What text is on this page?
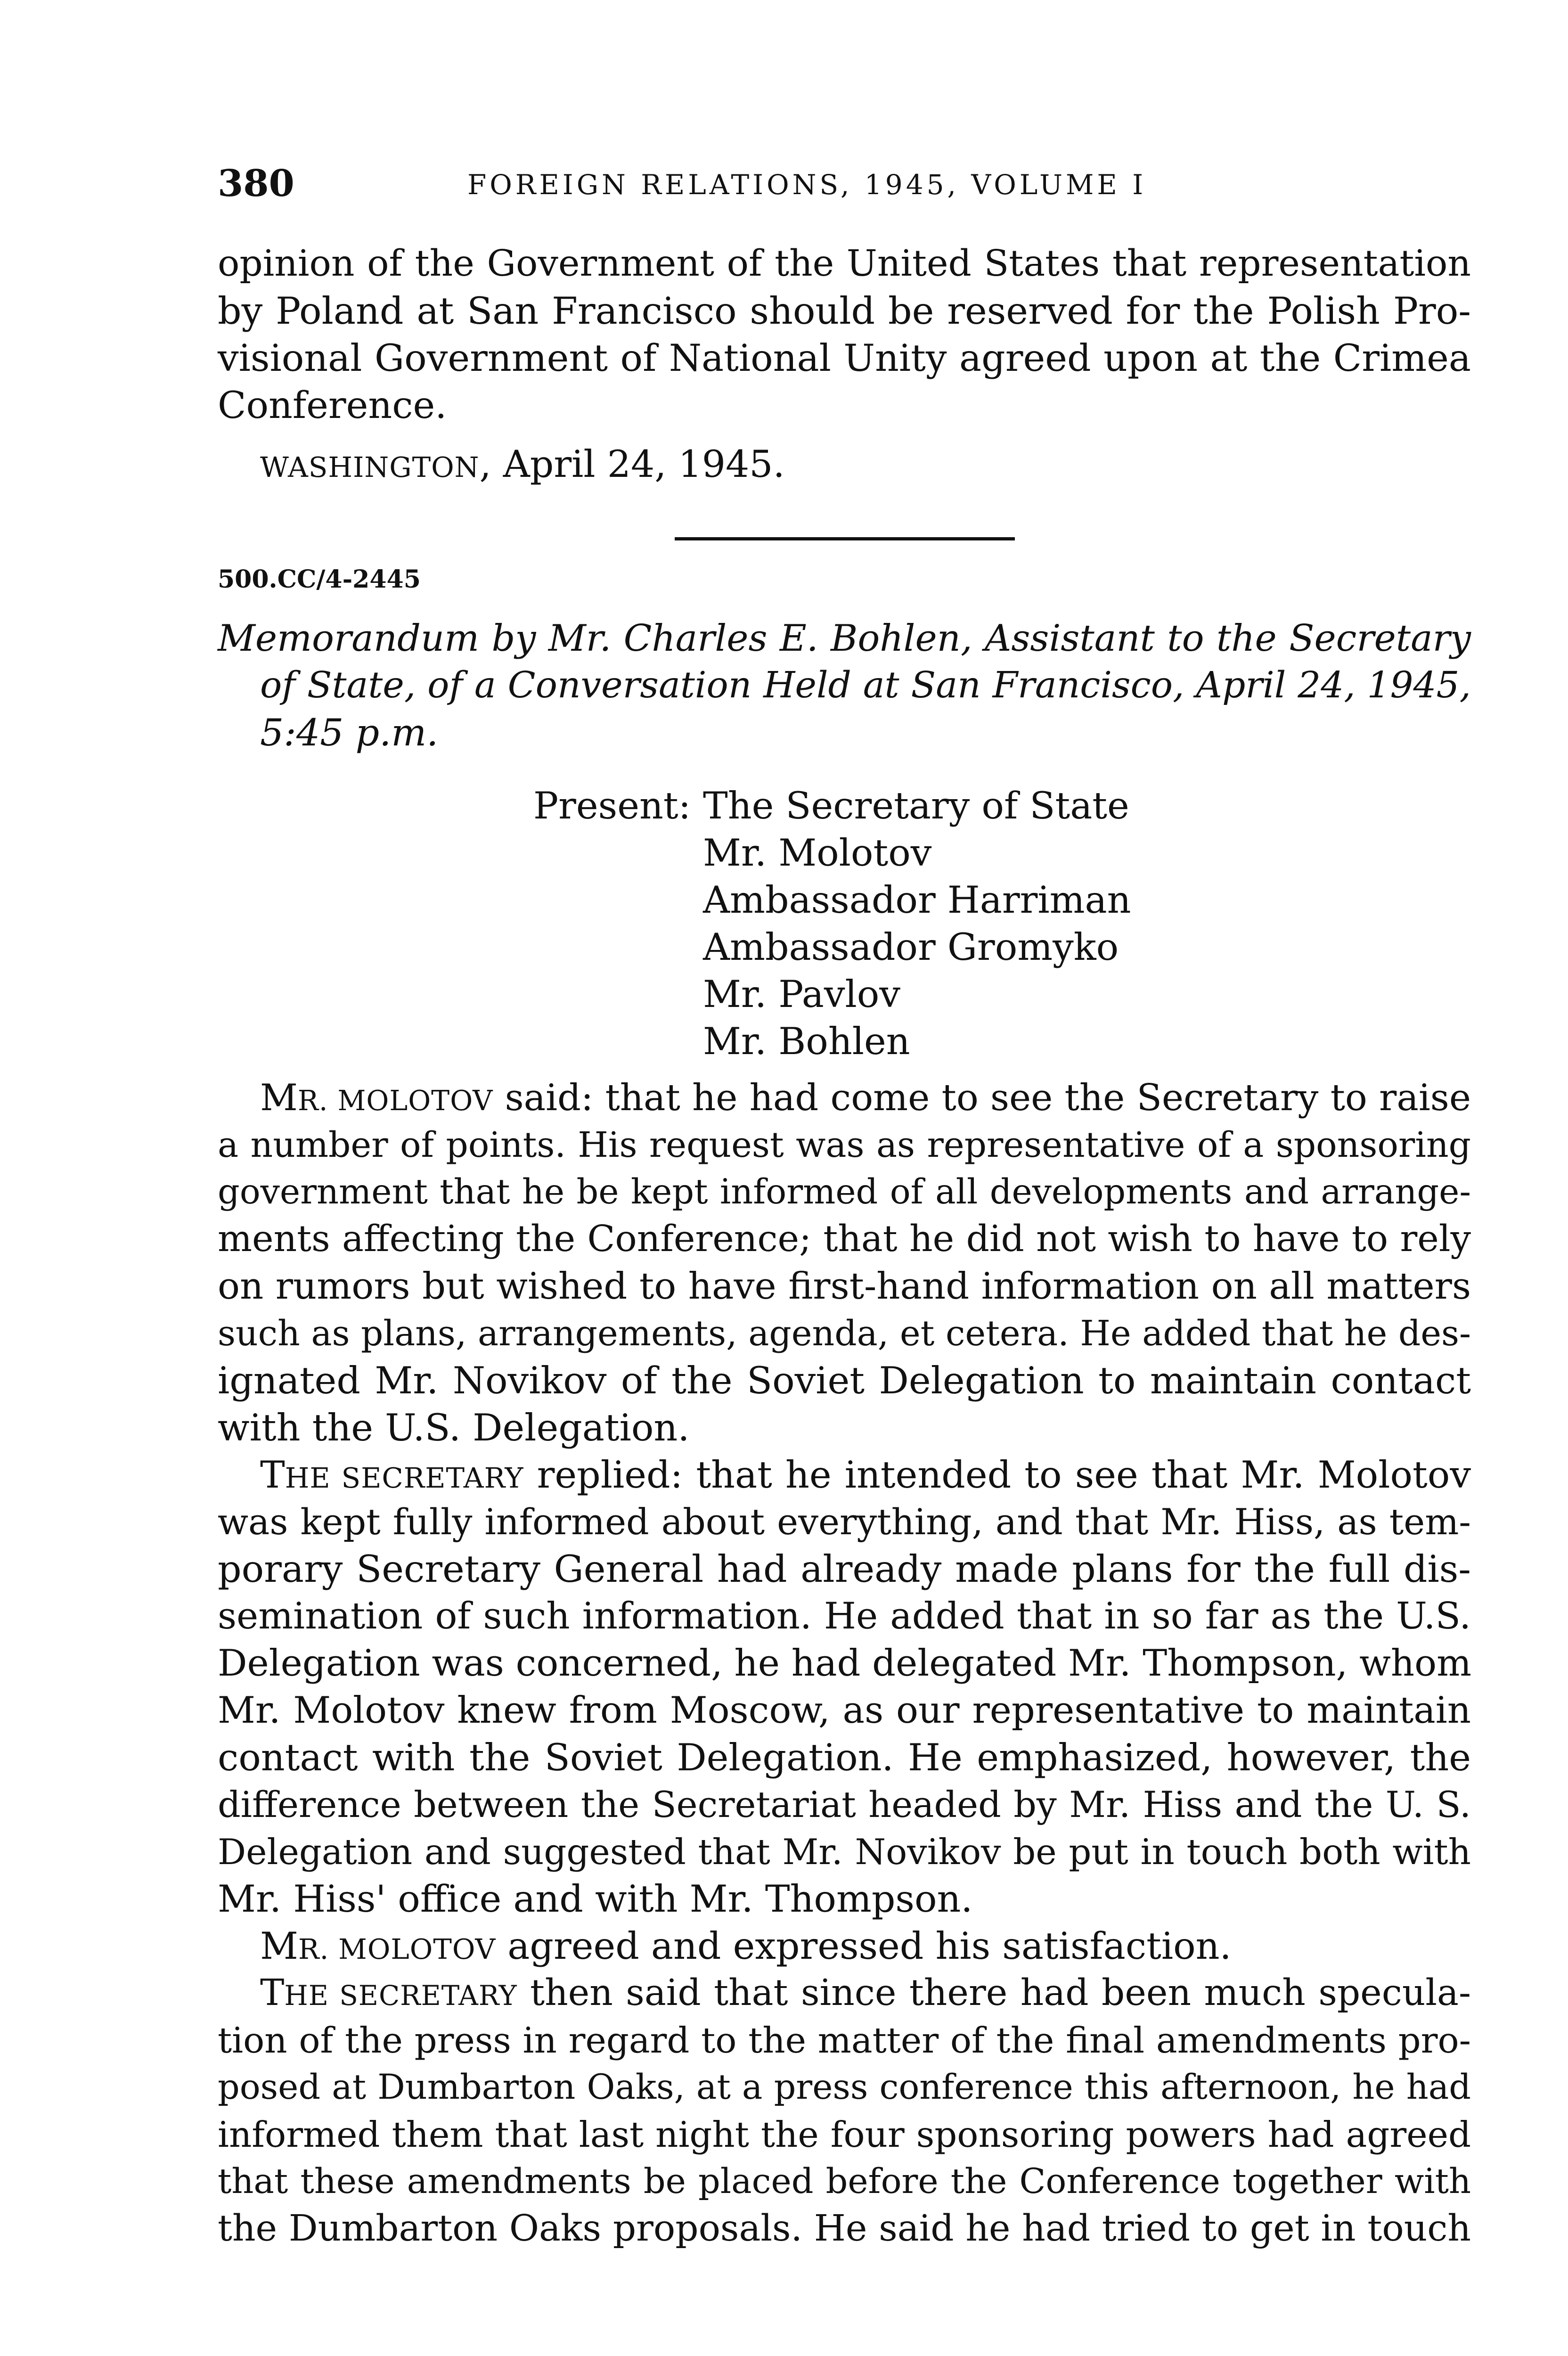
380	FOREIGN RELATIONS, 1945, VOLUME I
opinion of the Government of the United States that representation
by Poland at San Francisco should be reserved for the Polish Pro-
visional Government of National Unity agreed upon at the Crimea
Conference.
WASHINGTON, April 24, 1945.
500.CC/4-2445
Memorandum by Mr. Charles E. Bohlen, Assistant to the Secretary
of State, of a Conversation Held at San Francisco, April 24, 1945,
5:45 p.m.
Present: The Secretary of State
Mr. Molotov
Ambassador Harriman
Ambassador Gromyko
Mr. Pavlov
Mr. Bohlen
MR. MOLOTOV said: that he had come to see the Secretary to raise
a number of points. His request was as representative of a sponsoring
government that he be kept informed of all developments and arrange-
ments affecting the Conference; that he did not wish to have to rely
on rumors but wished to have first-hand information on all matters
such as plans, arrangements, agenda, et cetera. He added that he des-
ignated Mr. Novikov of the Soviet Delegation to maintain contact
with the U.S. Delegation.
THE SECRETARY replied: that he intended to see that Mr. Molotov
was kept fully informed about everything, and that Mr. Hiss, as tem-
porary Secretary General had already made plans for the full dis-
semination of such information. He added that in so far as the U.S.
Delegation was concerned, he had delegated Mr. Thompson, whom
Mr. Molotov knew from Moscow, as our representative to maintain
contact with the Soviet Delegation. He emphasized, however, the
difference between the Secretariat headed by Mr. Hiss and the U. S.
Delegation and suggested that Mr. Novikov be put in touch both with
Mr. Hiss' office and with Mr. Thompson.
MR. MOLOTOV agreed and expressed his satisfaction.
THE SECRETARY then said that since there had been much specula-
tion of the press in regard to the matter of the final amendments pro-
posed at Dumbarton Oaks, at a press conference this afternoon, he had
informed them that last night the four sponsoring powers had agreed
that these amendments be placed before the Conference together with
the Dumbarton Oaks proposals. He said he had tried to get in touch
